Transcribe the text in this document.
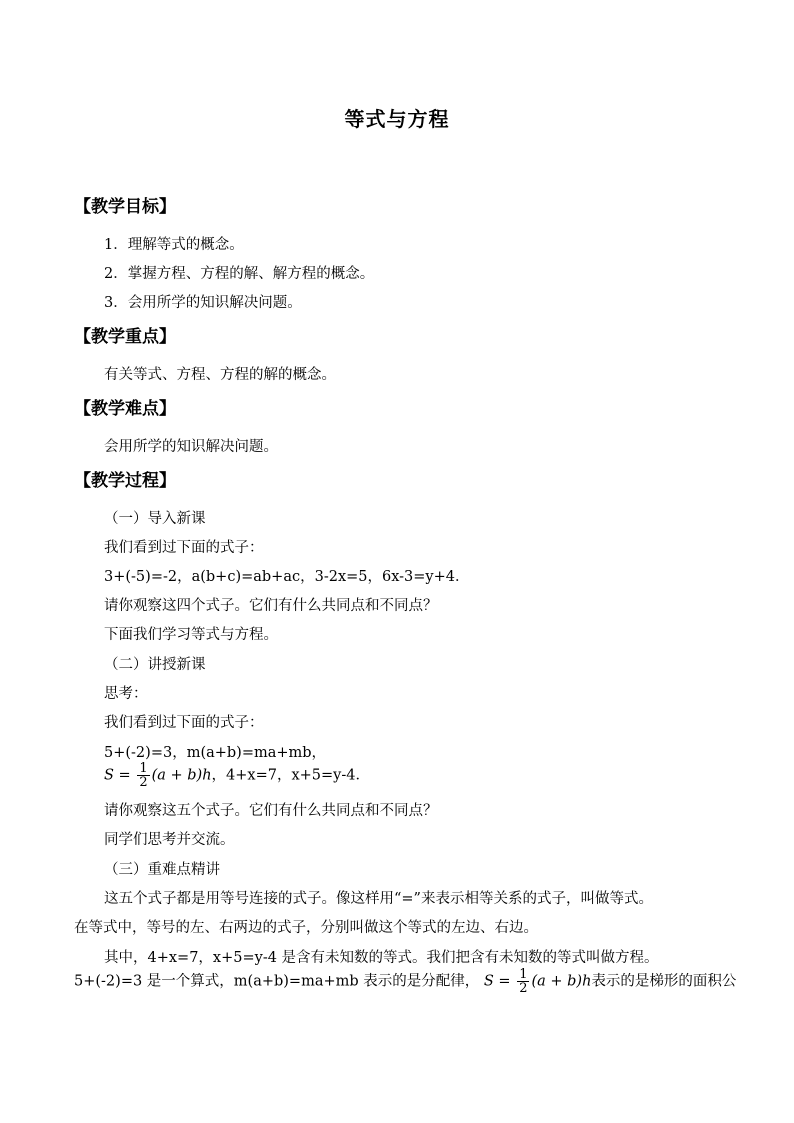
等式与方程
【教学目标】
1．理解等式的概念。
2．掌握方程、方程的解、解方程的概念。
3．会用所学的知识解决问题。
【教学重点】
有关等式、方程、方程的解的概念。
【教学难点】
会用所学的知识解决问题。
【教学过程】
（一）导入新课
我们看到过下面的式子：
3+(-5)=-2，a(b+c)=ab+ac，3-2x=5，6x-3=y+4．
请你观察这四个式子。它们有什么共同点和不同点？
下面我们学习等式与方程。
（二）讲授新课
思考：
我们看到过下面的式子：
5+(-2)=3，m(a+b)=ma+mb，
$S = \frac{1}{2} (a + b)h$，4+x=7，x+5=y-4．
请你观察这五个式子。它们有什么共同点和不同点？
同学们思考并交流。
（三）重难点精讲
这五个式子都是用等号连接的式子。像这样用“=”来表示相等关系的式子，叫做等式。
在等式中，等号的左、右两边的式子，分别叫做这个等式的左边、右边。
其中，4+x=7，x+5=y-4 是含有未知数的等式。我们把含有未知数的等式叫做方程。
5+(-2)=3 是一个算式，m(a+b)=ma+mb 表示的是分配律， $S = \frac{1}{2} (a + b)h$表示的是梯形的面积公
